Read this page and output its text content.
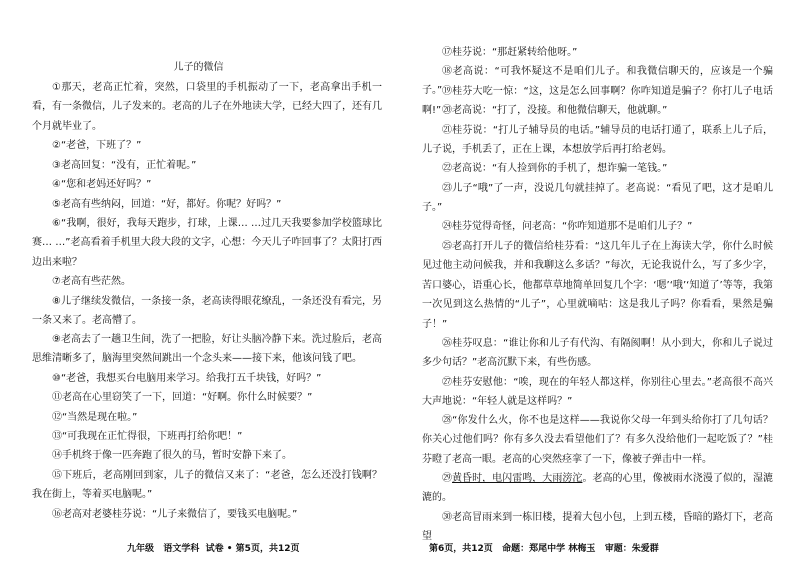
儿子的微信

①那天，老高正忙着，突然，口袋里的手机振动了一下，老高拿出手机一看，有一条微信，儿子发来的。老高的儿子在外地读大学，已经大四了，还有几个月就毕业了。

②“老爸，下班了？”

③老高回复：“没有，正忙着呢。”

④“您和老妈还好吗？”

⑤老高有些纳闷，回道：“好，都好。你呢？好吗？”

⑥“我啊，很好，我每天跑步，打球，上课… …过几天我要参加学校篮球比赛… …”老高看着手机里大段大段的文字，心想：今天儿子咋回事了？太阳打西边出来啦？

⑦老高有些茫然。

⑧儿子继续发微信，一条接一条，老高读得眼花缭乱，一条还没有看完，另一条又来了。老高懵了。

⑨老高去了一趟卫生间，洗了一把脸，好让头脑冷静下来。洗过脸后，老高思维清晰多了，脑海里突然间跳出一个念头来——接下来，他该问钱了吧。

⑩“老爸，我想买台电脑用来学习。给我打五千块钱，好吗？”

⑪老高在心里窃笑了一下，回道：“好啊。你什么时候要？”

⑫“当然是现在啦。”

⑬“可我现在正忙得很，下班再打给你吧！”

⑭手机终于像一匹奔跑了很久的马，暂时安静下来了。

⑮下班后，老高刚回到家，儿子的微信又来了：“老爸，怎么还没打钱啊？我在街上，等着买电脑呢。”

⑯老高对老婆桂芬说：“儿子来微信了，要钱买电脑呢。”

九年级   语文学科  试卷 • 第5页，共12页

⑰桂芬说：“那赶紧转给他呀。”

⑱老高说：“可我怀疑这不是咱们儿子。和我微信聊天的，应该是一个骗子。” ⑲桂芬大吃一惊：“这，这是怎么回事啊？你咋知道是骗子？你打儿子电话啊!” ⑳老高说：“打了，没接。和他微信聊天，他就聊。”

㉑桂芬说：“打儿子辅导员的电话。”辅导员的电话打通了，联系上儿子后，儿子说，手机丢了，正在上课，本想放学后再打给老妈。

㉒老高说：“有人捡到你的手机了，想诈骗一笔钱。”

㉓儿子“哦”了一声，没说几句就挂掉了。老高说：“看见了吧，这才是咱儿子。”

㉔桂芬觉得奇怪，问老高：“你咋知道那不是咱们儿子？”

㉕老高打开儿子的微信给桂芬看：“这几年儿子在上海读大学，你什么时候见过他主动问候我，并和我聊这么多话？”每次，无论我说什么，写了多少字，苦口婆心，语重心长，他都草草地简单回复几个字：‘嗯’‘哦’‘知道了’等等，我第一次见到这么热情的“儿子”，心里就嘀咕：这是我儿子吗？你看看，果然是骗子！”

㉖桂芬叹息：“谁让你和儿子有代沟、有隔阂啊！从小到大，你和儿子说过多少句话？”老高沉默下来，有些伤感。

㉗桂芬安慰他：“唉，现在的年轻人都这样，你别往心里去。”老高很不高兴大声地说：“年轻人就是这样吗？”

㉘“你发什么火，你不也是这样——我说你父母一年到头给你打了几句话？你关心过他们吗？你有多久没去看望他们了？有多久没给他们一起吃饭了？”桂芬瞪了老高一眼。老高的心突然痉挛了一下，像被子弹击中一样。

㉙黄昏时，电闪雷鸣，大雨滂沱。老高的心里，像被雨水浇漫了似的，湿漉漉的。

㉚老高冒雨来到一栋旧楼，提着大包小包，上到五楼，昏暗的路灯下，老高望

第6页，共12页   命题：郑尾中学 林梅玉   审题：朱爱群
